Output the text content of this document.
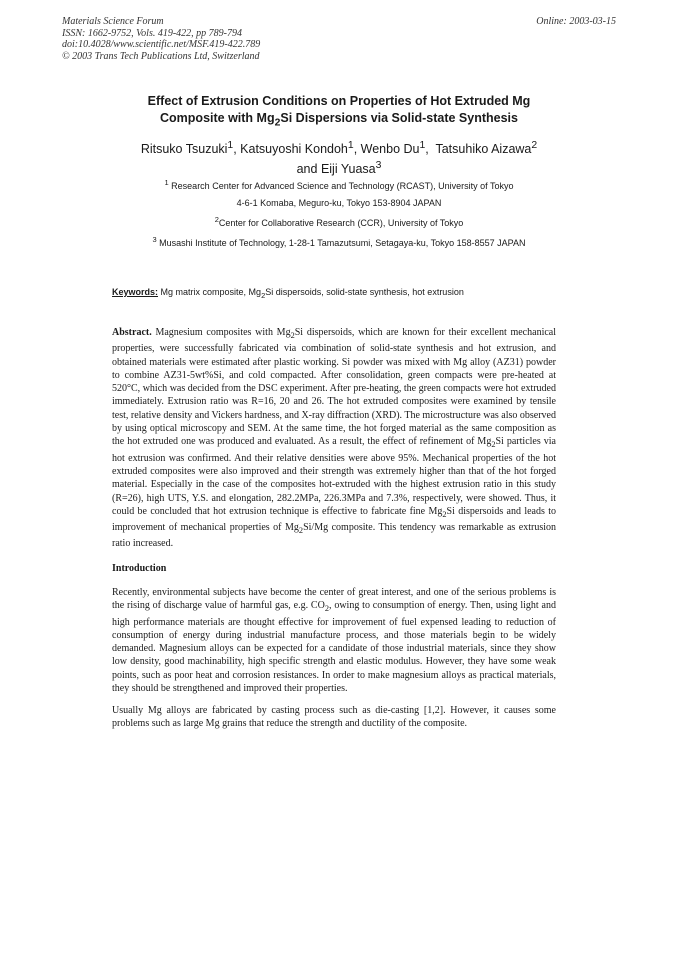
Materials Science Forum
ISSN: 1662-9752, Vols. 419-422, pp 789-794
doi:10.4028/www.scientific.net/MSF.419-422.789
© 2003 Trans Tech Publications Ltd, Switzerland
Online: 2003-03-15
Effect of Extrusion Conditions on Properties of Hot Extruded Mg
Composite with $Mg_2Si$ Dispersions via Solid-state Synthesis
Ritsuko Tsuzuki$^1$, Katsuyoshi Kondoh$^1$, Wenbo Du$^1$,  Tatsuhiko Aizawa$^2$
and Eiji Yuasa$^3$
$^1$ Research Center for Advanced Science and Technology (RCAST), University of Tokyo
4-6-1 Komaba, Meguro-ku, Tokyo 153-8904 JAPAN
$^2$Center for Collaborative Research (CCR), University of Tokyo
$^3$ Musashi Institute of Technology, 1-28-1 Tamazutsumi, Setagaya-ku, Tokyo 158-8557 JAPAN
Keywords: Mg matrix composite, $Mg_2Si$ dispersoids, solid-state synthesis, hot extrusion

Abstract. Magnesium composites with $Mg_2Si$ dispersoids, which are known for their excellent mechanical properties, were successfully fabricated via combination of solid-state synthesis and hot extrusion, and obtained materials were estimated after plastic working. Si powder was mixed with Mg alloy (AZ31) powder to combine AZ31-5wt%Si, and cold compacted. After consolidation, green compacts were pre-heated at 520°C, which was decided from the DSC experiment. After pre-heating, the green compacts were hot extruded immediately. Extrusion ratio was R=16, 20 and 26. The hot extruded composites were examined by tensile test, relative density and Vickers hardness, and X-ray diffraction (XRD). The microstructure was also observed by using optical microscopy and SEM. At the same time, the hot forged material as the same composition as the hot extruded one was produced and evaluated. As a result, the effect of refinement of $Mg_2Si$ particles via hot extrusion was confirmed. And their relative densities were above 95%. Mechanical properties of the hot extruded composites were also improved and their strength was extremely higher than that of the hot forged material. Especially in the case of the composites hot-extruded with the highest extrusion ratio in this study (R=26), high UTS, Y.S. and elongation, 282.2MPa, 226.3MPa and 7.3%, respectively, were showed. Thus, it could be concluded that hot extrusion technique is effective to fabricate fine $Mg_2Si$ dispersoids and leads to improvement of mechanical properties of $Mg_2Si/Mg$ composite. This tendency was remarkable as extrusion ratio increased.

Introduction

Recently, environmental subjects have become the center of great interest, and one of the serious problems is the rising of discharge value of harmful gas, e.g. $CO_2$, owing to consumption of energy. Then, using light and high performance materials are thought effective for improvement of fuel expensed leading to reduction of consumption of energy during industrial manufacture process, and those materials begin to be widely demanded. Magnesium alloys can be expected for a candidate of those industrial materials, since they show low density, good machinability, high specific strength and elastic modulus. However, they have some weak points, such as poor heat and corrosion resistances. In order to make magnesium alloys as practical materials, they should be strengthened and improved their properties.

Usually Mg alloys are fabricated by casting process such as die-casting [1,2]. However, it causes some problems such as large Mg grains that reduce the strength and ductility of the composite.
